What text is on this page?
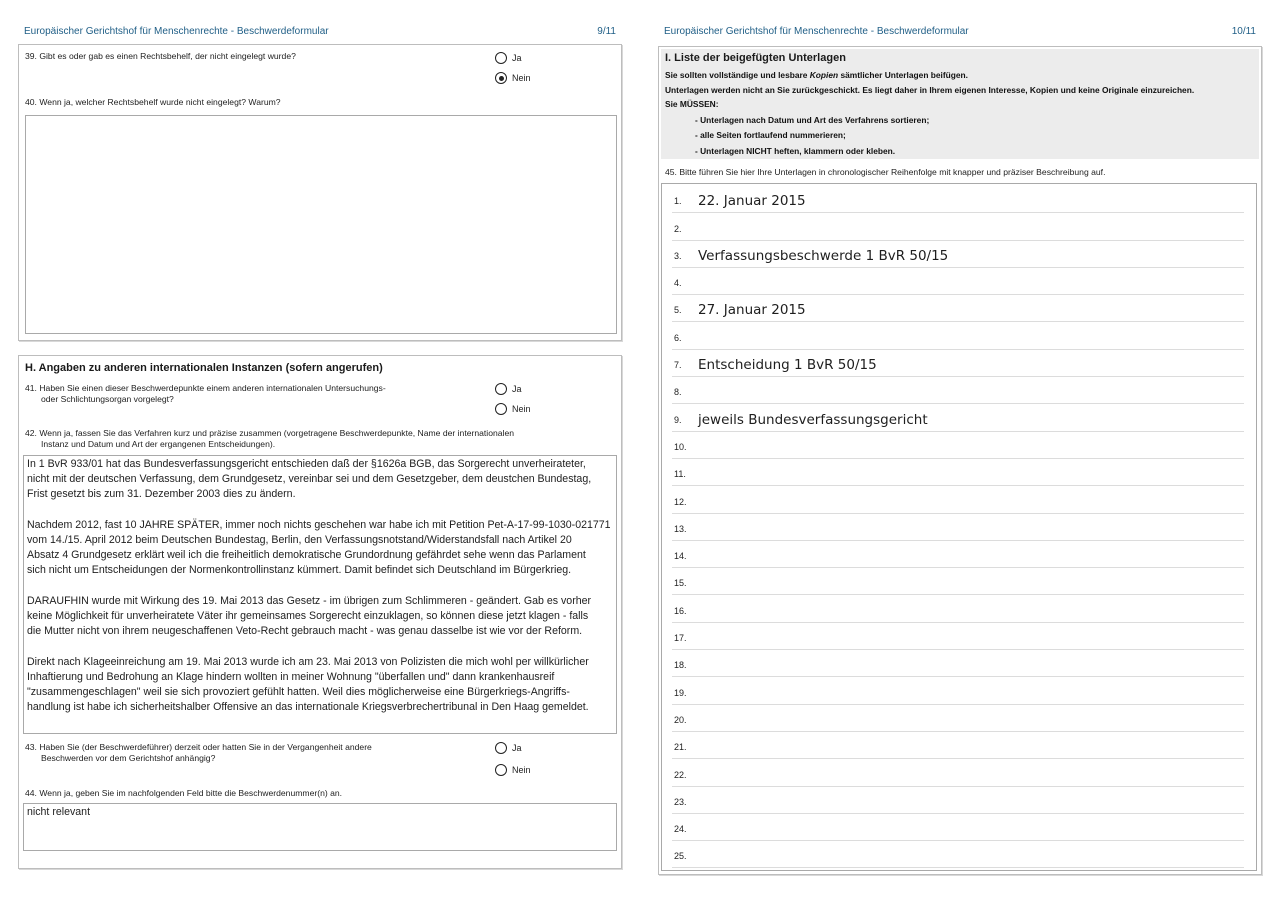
Europäischer Gerichtshof für Menschenrechte - Beschwerdeformular	9/11
39. Gibt es oder gab es einen Rechtsbehelf, der nicht eingelegt wurde?	Ja
Nein
40. Wenn ja, welcher Rechtsbehelf wurde nicht eingelegt? Warum?
H. Angaben zu anderen internationalen Instanzen (sofern angerufen)
41. Haben Sie einen dieser Beschwerdepunkte einem anderen internationalen Untersuchungs-
oder Schlichtungsorgan vorgelegt?
Ja
Nein
42. Wenn ja, fassen Sie das Verfahren kurz und präzise zusammen (vorgetragene Beschwerdepunkte, Name der internationalen
Instanz und Datum und Art der ergangenen Entscheidungen).
In 1 BvR 933/01 hat das Bundesverfassungsgericht entschieden daß der §1626a BGB, das Sorgerecht unverheirateter,
nicht mit der deutschen Verfassung, dem Grundgesetz, vereinbar sei und dem Gesetzgeber, dem deustchen Bundestag,
Frist gesetzt bis zum 31. Dezember 2003 dies zu ändern.

Nachdem 2012, fast 10 JAHRE SPÄTER, immer noch nichts geschehen war habe ich mit Petition Pet-A-17-99-1030-021771
vom 14./15. April 2012 beim Deutschen Bundestag, Berlin, den Verfassungsnotstand/Widerstandsfall nach Artikel 20
Absatz 4 Grundgesetz erklärt weil ich die freiheitlich demokratische Grundordnung gefährdet sehe wenn das Parlament
sich nicht um Entscheidungen der Normenkontrollinstanz kümmert. Damit befindet sich Deutschland im Bürgerkrieg.

DARAUFHIN wurde mit Wirkung des 19. Mai 2013 das Gesetz - im übrigen zum Schlimmeren - geändert. Gab es vorher
keine Möglichkeit für unverheiratete Väter ihr gemeinsames Sorgerecht einzuklagen, so können diese jetzt klagen - falls
die Mutter nicht von ihrem neugeschaffenen Veto-Recht gebrauch macht - was genau dasselbe ist wie vor der Reform.

Direkt nach Klageeinreichung am 19. Mai 2013 wurde ich am 23. Mai 2013 von Polizisten die mich wohl per willkürlicher
Inhaftierung und Bedrohung an Klage hindern wollten in meiner Wohnung "überfallen und" dann krankenhausreif
"zusammengeschlagen" weil sie sich provoziert gefühlt hatten. Weil dies möglicherweise eine Bürgerkriegs-Angriffs-
handlung ist habe ich sicherheitshalber Offensive an das internationale Kriegsverbrechertribunal in Den Haag gemeldet.
43. Haben Sie (der Beschwerdeführer) derzeit oder hatten Sie in der Vergangenheit andere
Beschwerden vor dem Gerichtshof anhängig?
Ja
Nein
44. Wenn ja, geben Sie im nachfolgenden Feld bitte die Beschwerdenummer(n) an.
nicht relevant
Europäischer Gerichtshof für Menschenrechte - Beschwerdeformular	10/11
I. Liste der beigefügten Unterlagen
Sie sollten vollständige und lesbare Kopien sämtlicher Unterlagen beifügen.
Unterlagen werden nicht an Sie zurückgeschickt. Es liegt daher in Ihrem eigenen Interesse, Kopien und keine Originale einzureichen.
Sie MÜSSEN:
- Unterlagen nach Datum und Art des Verfahrens sortieren;
- alle Seiten fortlaufend nummerieren;
- Unterlagen NICHT heften, klammern oder kleben.
45. Bitte führen Sie hier Ihre Unterlagen in chronologischer Reihenfolge mit knapper und präziser Beschreibung auf.
1. 22. Januar 2015
2.
3. Verfassungsbeschwerde 1 BvR 50/15
4.
5. 27. Januar 2015
6.
7. Entscheidung 1 BvR 50/15
8.
9. jeweils Bundesverfassungsgericht
10.
11.
12.
13.
14.
15.
16.
17.
18.
19.
20.
21.
22.
23.
24.
25.
